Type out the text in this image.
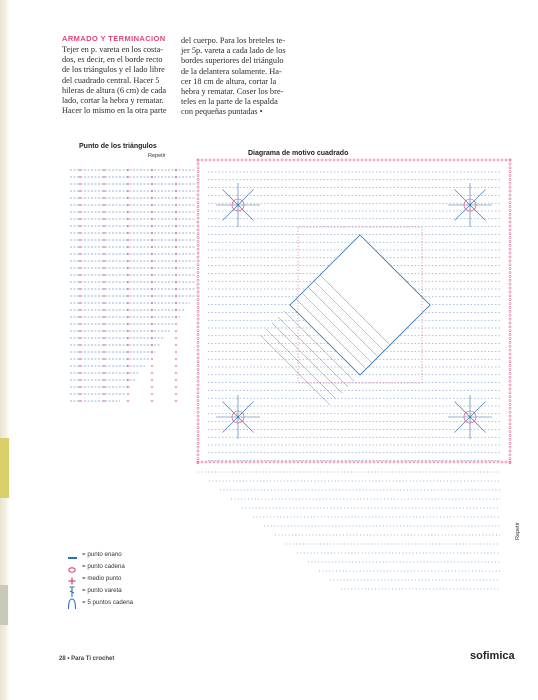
ARMADO Y TERMINACION

Tejer en p. vareta en los costa-

dos, es decir, en el borde recto

de los triángulos y el lado libre

del cuadrado central. Hacer 5

hileras de altura (6 cm) de cada

lado, cortar la hebra y rematar.

Hacer lo mismo en la otra parte

del cuerpo. Para los breteles te-

jer 5p. vareta a cada lado de los

bordes superiores del triángulo

de la delantera solamente. Ha-

cer 18 cm de altura, cortar la

hebra y rematar. Coser los bre-

teles en la parte de la espalda

con pequeñas puntadas •

Punto de los triángulos
Repetir	Diagrama de motivo cuadrado
Repetir
= punto enano
= punto cadena
= medio punto
= punto vareta
= 5 puntos cadena
28 • Para Ti crochet	sofimica
